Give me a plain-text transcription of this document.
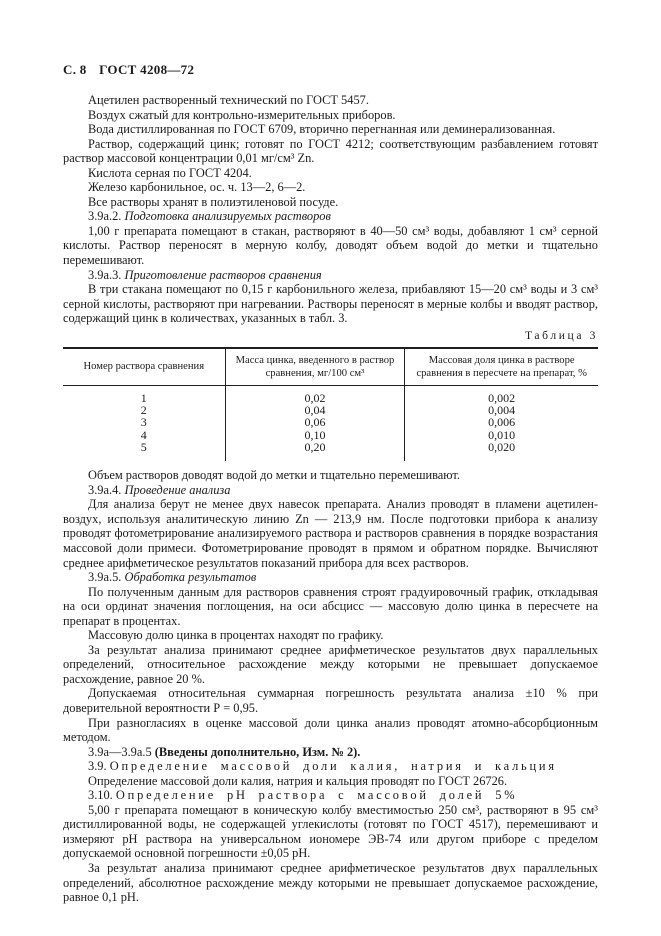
С. 8 ГОСТ 4208—72

Ацетилен растворенный технический по ГОСТ 5457.

Воздух сжатый для контрольно-измерительных приборов.

Вода дистиллированная по ГОСТ 6709, вторично перегнанная или деминерализованная.

Раствор, содержащий цинк; готовят по ГОСТ 4212; соответствующим разбавлением готовят раствор массовой концентрации 0,01 мг/см³ Zn.

Кислота серная по ГОСТ 4204.

Железо карбонильное, ос. ч. 13—2, 6—2.

Все растворы хранят в полиэтиленовой посуде.

3.9а.2. Подготовка анализируемых растворов

1,00 г препарата помещают в стакан, растворяют в 40—50 см³ воды, добавляют 1 см³ серной кислоты. Раствор переносят в мерную колбу, доводят объем водой до метки и тщательно перемешивают.

3.9а.3. Приготовление растворов сравнения

В три стакана помещают по 0,15 г карбонильного железа, прибавляют 15—20 см³ воды и 3 см³ серной кислоты, растворяют при нагревании. Растворы переносят в мерные колбы и вводят раствор, содержащий цинк в количествах, указанных в табл. 3.

Таблица 3
Номер раствора сравнения	Масса цинка, введенного в раствор сравнения, мг/100 см³	Массовая доля цинка в растворе сравнения в пересчете на препарат, %
1	0,02	0,002
2	0,04	0,004
3	0,06	0,006
4	0,10	0,010
5	0,20	0,020

Объем растворов доводят водой до метки и тщательно перемешивают.

3.9а.4. Проведение анализа

Для анализа берут не менее двух навесок препарата. Анализ проводят в пламени ацетилен-воздух, используя аналитическую линию Zn — 213,9 нм. После подготовки прибора к анализу проводят фотометрирование анализируемого раствора и растворов сравнения в порядке возрастания массовой доли примеси. Фотометрирование проводят в прямом и обратном порядке. Вычисляют среднее арифметическое результатов показаний прибора для всех растворов.

3.9а.5. Обработка результатов

По полученным данным для растворов сравнения строят градуировочный график, откладывая на оси ординат значения поглощения, на оси абсцисс — массовую долю цинка в пересчете на препарат в процентах.

Массовую долю цинка в процентах находят по графику.

За результат анализа принимают среднее арифметическое результатов двух параллельных определений, относительное расхождение между которыми не превышает допускаемое расхождение, равное 20 %.

Допускаемая относительная суммарная погрешность результата анализа ±10 % при доверительной вероятности Р = 0,95.

При разногласиях в оценке массовой доли цинка анализ проводят атомно-абсорбционным методом.

3.9а—3.9а.5 (Введены дополнительно, Изм. № 2).

3.9. Определение массовой доли калия, натрия и кальция

Определение массовой доли калия, натрия и кальция проводят по ГОСТ 26726.

3.10. Определение pH раствора с массовой долей 5%

5,00 г препарата помещают в коническую колбу вместимостью 250 см³, растворяют в 95 см³ дистиллированной воды, не содержащей углекислоты (готовят по ГОСТ 4517), перемешивают и измеряют pH раствора на универсальном иономере ЭВ-74 или другом приборе с пределом допускаемой основной погрешности ±0,05 pH.

За результат анализа принимают среднее арифметическое результатов двух параллельных определений, абсолютное расхождение между которыми не превышает допускаемое расхождение, равное 0,1 pH.
